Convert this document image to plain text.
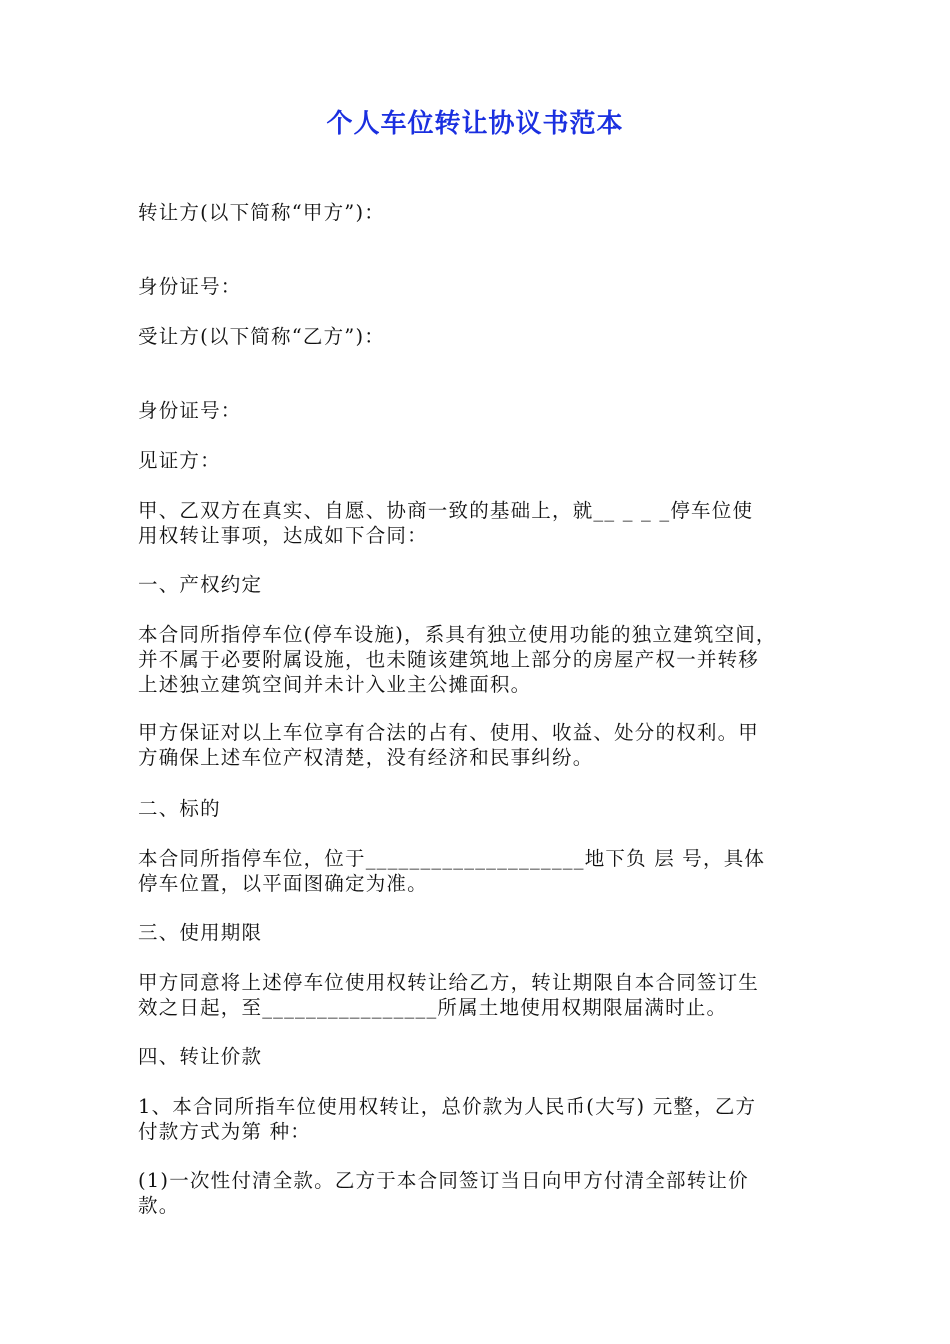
个人车位转让协议书范本

转让方(以下简称“甲方”)：

身份证号：

受让方(以下简称“乙方”)：

身份证号：

见证方：

甲、乙双方在真实、自愿、协商一致的基础上，就__ _ _ _停车位使
用权转让事项，达成如下合同：

一、产权约定

本合同所指停车位(停车设施)，系具有独立使用功能的独立建筑空间，
并不属于必要附属设施，也未随该建筑地上部分的房屋产权一并转移
上述独立建筑空间并未计入业主公摊面积。

甲方保证对以上车位享有合法的占有、使用、收益、处分的权利。甲
方确保上述车位产权清楚，没有经济和民事纠纷。

二、标的

本合同所指停车位，位于____________________地下负 层 号，具体
停车位置，以平面图确定为准。

三、使用期限

甲方同意将上述停车位使用权转让给乙方，转让期限自本合同签订生
效之日起，至________________所属土地使用权期限届满时止。

四、转让价款

1、本合同所指车位使用权转让，总价款为人民币(大写) 元整，乙方
付款方式为第 种：

(1)一次性付清全款。乙方于本合同签订当日向甲方付清全部转让价
款。
